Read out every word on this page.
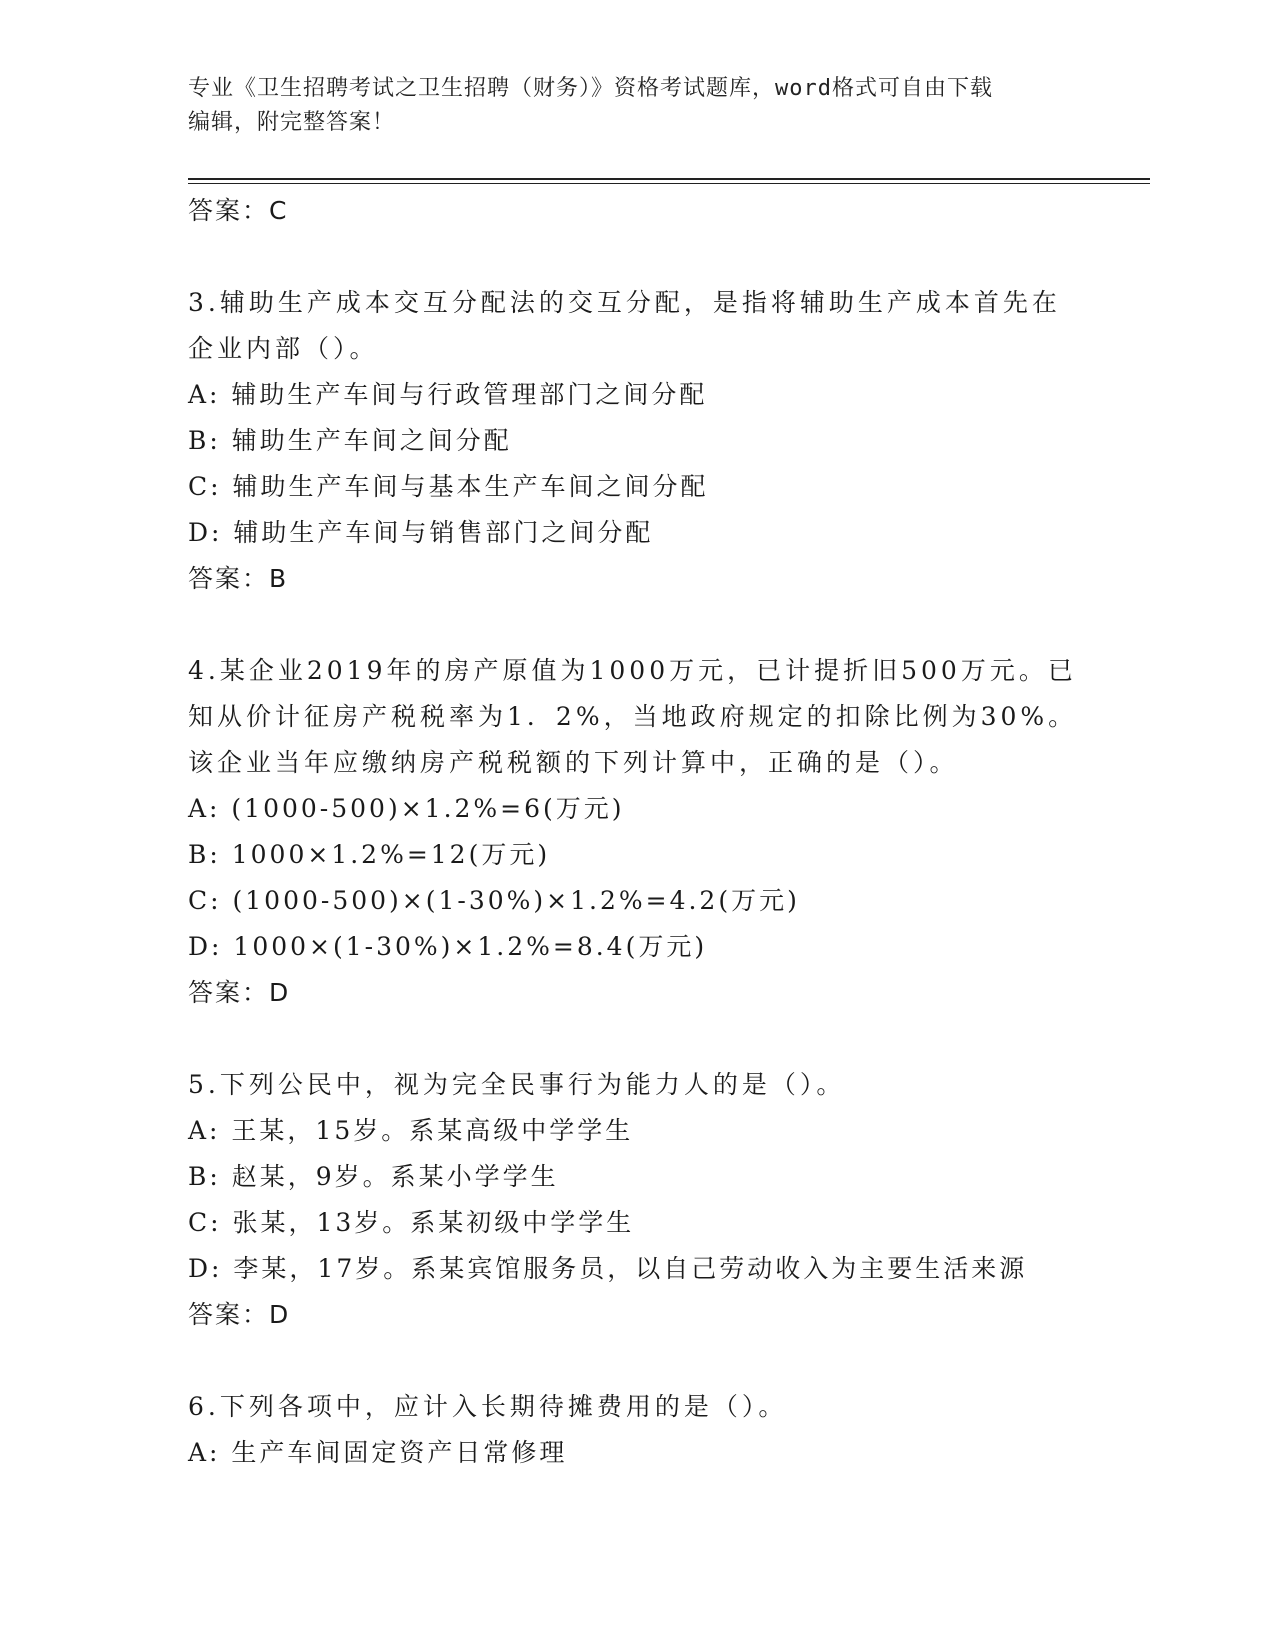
专业《卫生招聘考试之卫生招聘（财务）》资格考试题库，word格式可自由下载
编辑，附完整答案！
答案：C
3.辅助生产成本交互分配法的交互分配，是指将辅助生产成本首先在
企业内部（）。
A: 辅助生产车间与行政管理部门之间分配
B: 辅助生产车间之间分配
C: 辅助生产车间与基本生产车间之间分配
D: 辅助生产车间与销售部门之间分配
答案：B
4.某企业2019年的房产原值为1000万元，已计提折旧500万元。已
知从价计征房产税税率为1．2%，当地政府规定的扣除比例为30%。
该企业当年应缴纳房产税税额的下列计算中，正确的是（）。
A: (1000-500)×1.2%=6(万元)
B: 1000×1.2%=12(万元)
C: (1000-500)×(1-30%)×1.2%=4.2(万元)
D: 1000×(1-30%)×1.2%=8.4(万元)
答案：D
5.下列公民中，视为完全民事行为能力人的是（）。
A: 王某，15岁。系某高级中学学生
B: 赵某，9岁。系某小学学生
C: 张某，13岁。系某初级中学学生
D: 李某，17岁。系某宾馆服务员，以自己劳动收入为主要生活来源
答案：D
6.下列各项中，应计入长期待摊费用的是（）。
A: 生产车间固定资产日常修理
